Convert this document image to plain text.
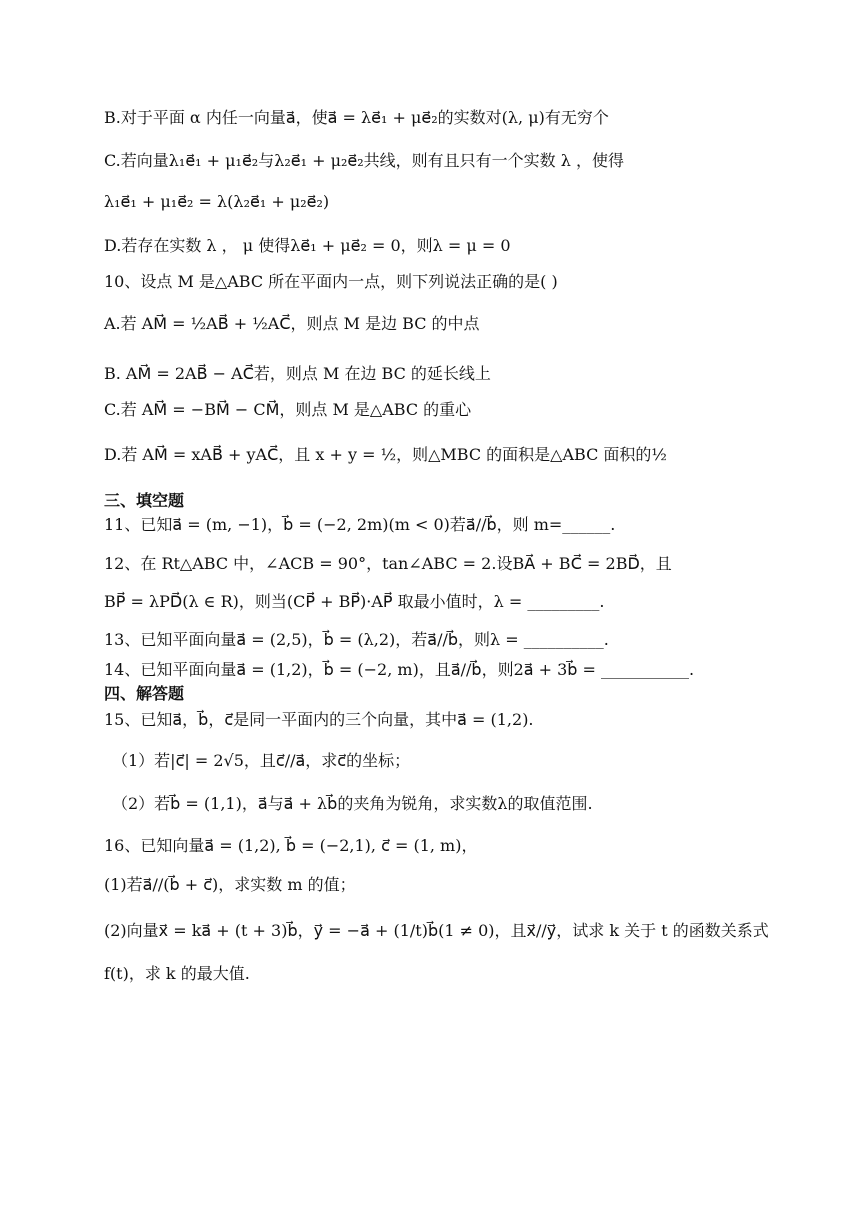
B.对于平面 α 内任一向量a⃗，使a⃗ = λe⃗₁ + μe⃗₂的实数对(λ, μ)有无穷个
C.若向量λ₁e⃗₁ + μ₁e⃗₂与λ₂e⃗₁ + μ₂e⃗₂共线，则有且只有一个实数 λ ，使得
λ₁e⃗₁ + μ₁e⃗₂ = λ(λ₂e⃗₁ + μ₂e⃗₂)
D.若存在实数 λ ， μ 使得λe⃗₁ + μe⃗₂ = 0，则λ = μ = 0
10、设点 M 是△ABC 所在平面内一点，则下列说法正确的是( )
A.若 AM⃗ = ½AB⃗ + ½AC⃗，则点 M 是边 BC 的中点
B. AM⃗ = 2AB⃗ − AC⃗若，则点 M 在边 BC 的延长线上
C.若 AM⃗ = −BM⃗ − CM⃗，则点 M 是△ABC 的重心
D.若 AM⃗ = xAB⃗ + yAC⃗，且 x + y = ½，则△MBC 的面积是△ABC 面积的½
三、填空题
11、已知a⃗ = (m, −1)，b⃗ = (−2, 2m)(m < 0)若a⃗//b⃗，则 m=______.
12、在 Rt△ABC 中，∠ACB = 90°，tan∠ABC = 2.设BA⃗ + BC⃗ = 2BD⃗，且
BP⃗ = λPD⃗(λ ∈ R)，则当(CP⃗ + BP⃗)·AP⃗ 取最小值时，λ = _________.
13、已知平面向量a⃗ = (2,5)，b⃗ = (λ,2)，若a⃗//b⃗，则λ = __________.
14、已知平面向量a⃗ = (1,2)，b⃗ = (−2, m)，且a⃗//b⃗，则2a⃗ + 3b⃗ = ___________.
四、解答题
15、已知a⃗，b⃗，c⃗是同一平面内的三个向量，其中a⃗ = (1,2).
（1）若|c⃗| = 2√5，且c⃗//a⃗，求c⃗的坐标；
（2）若b⃗ = (1,1)，a⃗与a⃗ + λb⃗的夹角为锐角，求实数λ的取值范围.
16、已知向量a⃗ = (1,2), b⃗ = (−2,1), c⃗ = (1, m)，
(1)若a⃗//(b⃗ + c⃗)，求实数 m 的值；
(2)向量x⃗ = ka⃗ + (t + 3)b⃗，y⃗ = −a⃗ + (1/t)b⃗(1 ≠ 0)，且x⃗//y⃗，试求 k 关于 t 的函数关系式
f(t)，求 k 的最大值.
